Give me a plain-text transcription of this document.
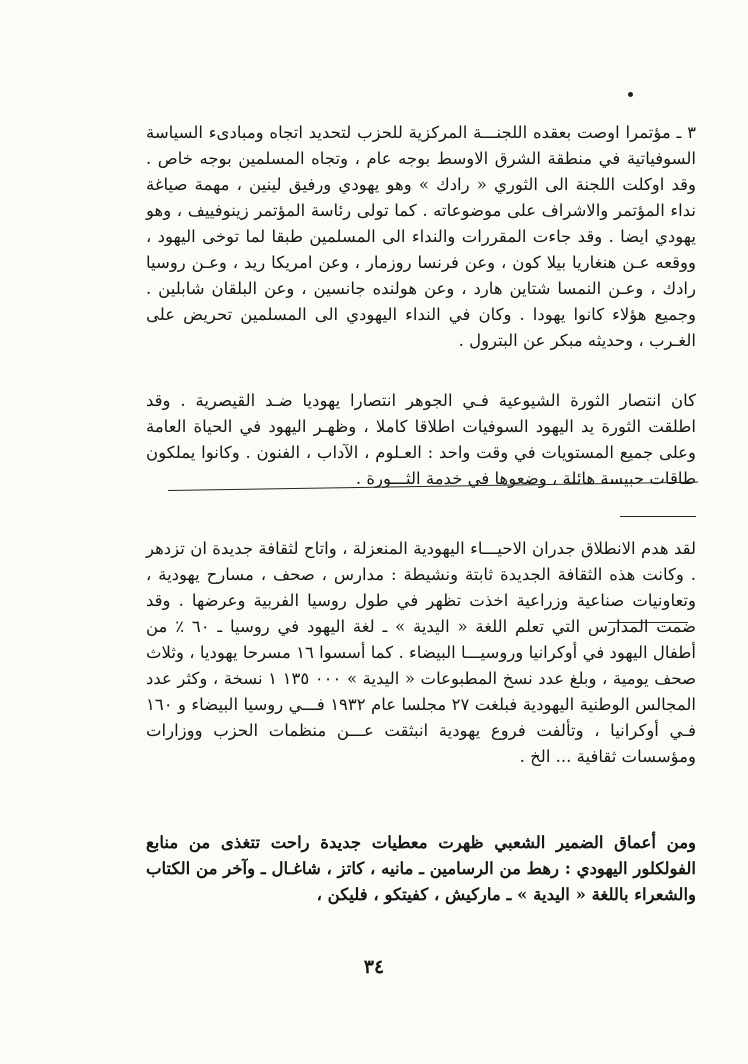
٣ ـ مؤتمرا اوصت بعقده اللجنـــة المركزية للحزب لتحديد اتجاه ومبادىء السياسة السوفياتية في منطقة الشرق الاوسط بوجه عام ، وتجاه المسلمين بوجه خاص . وقد اوكلت اللجنة الى الثوري « رادك » وهو يهودي ورفيق لينين ، مهمة صياغة نداء المؤتمر والاشراف على موضوعاته . كما تولى رئاسة المؤتمر زينوفييف ، وهو يهودي ايضا . وقد جاءت المقررات والنداء الى المسلمين طبقا لما توخى اليهود ، ووقعه عـن هنغاريا بيلا كون ، وعن فرنسا روزمار ، وعن امريكا ريد ، وعـن روسيا رادك ، وعـن النمسا شتاين هارد ، وعن هولنده جانسين ، وعن البلقان شابلين . وجميع هؤلاء كانوا يهودا . وكان في النداء اليهودي الى المسلمين تحريض على الغـرب ، وحديثه مبكر عن البترول .

كان انتصار الثورة الشيوعية فـي الجوهر انتصارا يهوديا ضـد القيصرية . وقد اطلقت الثورة يد اليهود السوفيات اطلاقا كاملا ، وظهـر اليهود في الحياة العامة وعلى جميع المستويات في وقت واحد : العـلوم ، الآداب ، الفنون . وكانوا يملكون طاقات حبيسة هائلة ، وضعوها في خدمة الثـــورة .

لقد هدم الانطلاق جدران الاحيـــاء اليهودية المنعزلة ، واتاح لثقافة جديدة ان تزدهر . وكانت هذه الثقافة الجديدة ثابتة ونشيطة : مدارس ، صحف ، مسارح يهودية ، وتعاونيات صناعية وزراعية اخذت تظهر في طول روسيا الفربية وعرضها . وقد ضمت المدارس التي تعلم اللغة « اليدية » ـ لغة اليهود في روسيا ـ ٦٠ ٪ من أطفال اليهود في أوكرانيا وروسيـــا البيضاء . كما أسسوا ١٦ مسرحا يهوديا ، وثلاث صحف يومية ، وبلغ عدد نسخ المطبوعات « اليدية » ٠٠٠ ١٣٥ ١ نسخة ، وكثر عدد المجالس الوطنية اليهودية فبلغت ٢٧ مجلسا عام ١٩٣٢ فـــي روسيا البيضاء و ١٦٠ فـي أوكرانيا ، وتألفت فروع يهودية انبثقت عـــن منظمات الحزب ووزارات ومؤسسات ثقافية ... الخ .

ومن أعماق الضمير الشعبي ظهرت معطيات جديدة راحت تتغذى من منابع الفولكلور اليهودي : رهط من الرسامين ـ مانيه ، كاتز ، شاغـال ـ وآخر من الكتاب والشعراء باللغة « اليدية » ـ ماركيش ، كفيتكو ، فليكن ،

٣٤
